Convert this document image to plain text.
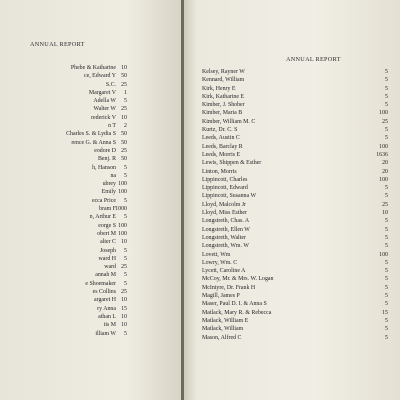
ANNUAL REPORT
Phebe & Katharine 10
ce, Edward Y 50
S.C. 25
Margaret V 1
Adella W 5
Walter W 25
rederick V 10
n T 2
Charles S. & Lydia S 50
rence G. & Anna S 50
eodore D 25
Benj. R 50
h, Hanson 5
na 5
ubrey 100
Emily 100
ecca Price 5
bram F 1000
n, Arthur E 5
eorge S 100
obert M 100
alter C 10
Joseph 5
ward H 5
ward 25
annah M 5
e Shoemaker 5
es Collins 25
argaret H 10
ry Anna 15
athan L 10
tis M 10
illiam W 5
ANNUAL REPORT
Kelsey, Rayner W	5
Kennard, William	5
Kirk, Henry E	5
Kirk, Katharine E	5
Kimber, J. Shober	5
Kimber, Maria B	100
Kimber, William M. C	25
Kurtz, Dr. C. S	5
Leeds, Austin C	5
Leeds, Barclay R	100
Leeds, Morris E	1636
Lewis, Shippen & Esther	20
Linton, Morris	20
Lippincott, Charles	100
Lippincott, Edward	5
Lippincott, Susanna W	5
Lloyd, Malcolm Jr	25
Lloyd, Miss Esther	10
Longstreth, Chas. A	5
Longstreth, Ellen W	5
Longstreth, Walter	5
Longstreth, Wm. W	5
Lovett, Wm	100
Lowry, Wm. C	5
Lycett, Caroline A	5
McCoy, Mr. & Mrs. W. Logan	5
McIntyre, Dr. Frank H	5
Magill, James P	5
Maser, Paul D. I. & Anna S	5
Matlack, Mary R. & Rebecca	15
Matlack, William E	5
Matlack, William	5
Mason, Alfred C	5
